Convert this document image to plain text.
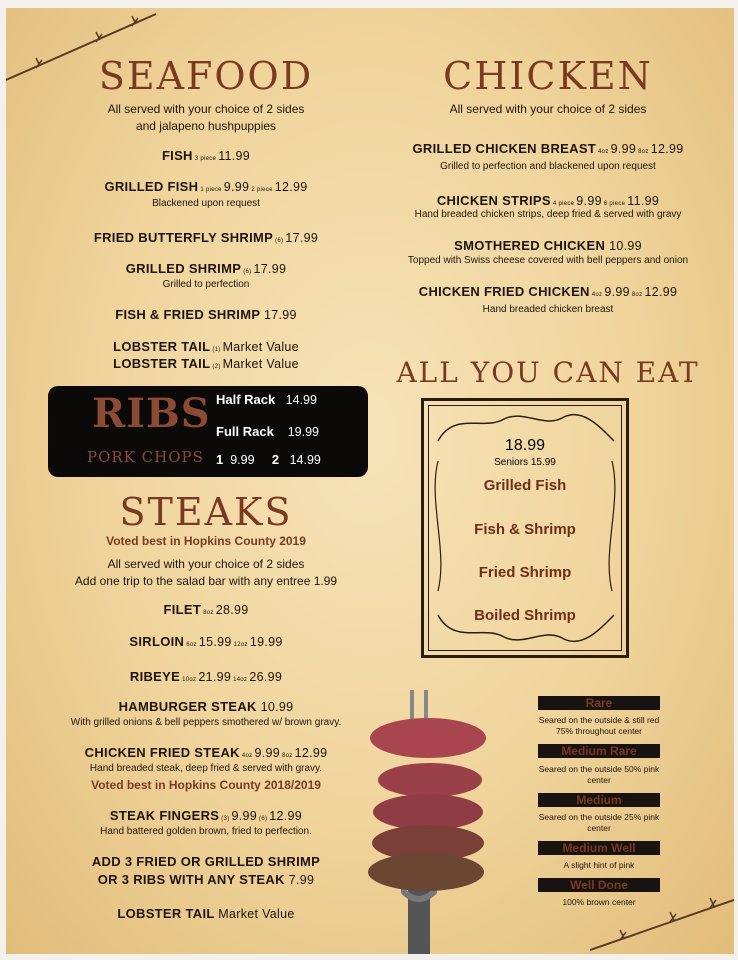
SEAFOOD
All served with your choice of 2 sides
and jalapeno hushpuppies
FISH 3 piece 11.99
GRILLED FISH 1 piece 9.99 2 piece 12.99
Blackened upon request
FRIED BUTTERFLY SHRIMP (6) 17.99
GRILLED SHRIMP (6) 17.99
Grilled to perfection
FISH & FRIED SHRIMP 17.99
LOBSTER TAIL (1) Market Value
LOBSTER TAIL (2) Market Value
RIBS
PORK CHOPS
Half Rack 14.99
Full Rack 19.99
1 9.99 2 14.99
STEAKS
Voted best in Hopkins County 2019
All served with your choice of 2 sides
Add one trip to the salad bar with any entree 1.99
FILET 8oz 28.99
SIRLOIN 6oz 15.99 12oz 19.99
RIBEYE 10oz 21.99 14oz 26.99
HAMBURGER STEAK 10.99
With grilled onions & bell peppers smothered w/ brown gravy.
CHICKEN FRIED STEAK 4oz 9.99 8oz 12.99
Hand breaded steak, deep fried & served with gravy.
Voted best in Hopkins County 2018/2019
STEAK FINGERS (3) 9.99 (6) 12.99
Hand battered golden brown, fried to perfection.
ADD 3 FRIED OR GRILLED SHRIMP
OR 3 RIBS WITH ANY STEAK 7.99
LOBSTER TAIL Market Value
CHICKEN
All served with your choice of 2 sides
GRILLED CHICKEN BREAST 4oz 9.99 8oz 12.99
Grilled to perfection and blackened upon request
CHICKEN STRIPS 4 piece 9.99 6 piece 11.99
Hand breaded chicken strips, deep fried & served with gravy
SMOTHERED CHICKEN 10.99
Topped with Swiss cheese covered with bell peppers and onion
CHICKEN FRIED CHICKEN 4oz 9.99 8oz 12.99
Hand breaded chicken breast
ALL YOU CAN EAT
18.99
Seniors 15.99
Grilled Fish
Fish & Shrimp
Fried Shrimp
Boiled Shrimp
Rare
Seared on the outside & still red
75% throughout center
Medium Rare
Seared on the outside 50% pink
center
Medium
Seared on the outside 25% pink
center
Medium Well
A slight hint of pink
Well Done
100% brown center
